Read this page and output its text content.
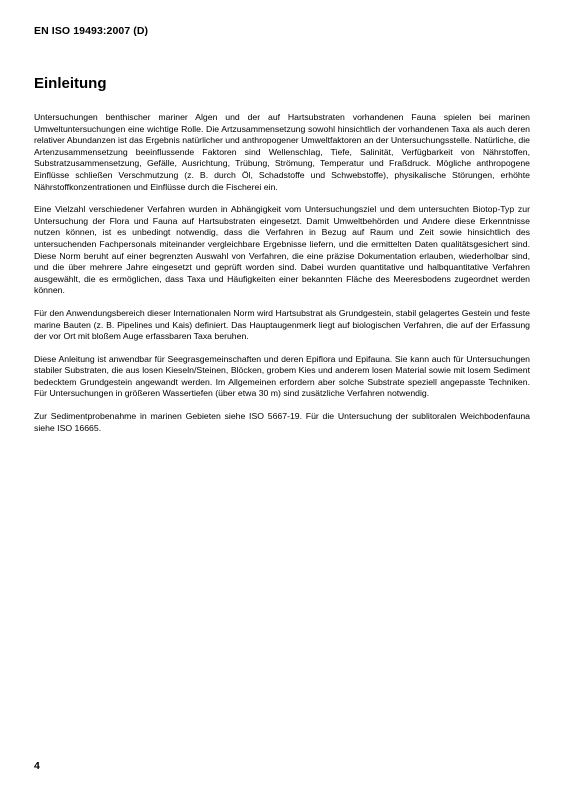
EN ISO 19493:2007 (D)
Einleitung

Untersuchungen benthischer mariner Algen und der auf Hartsubstraten vorhandenen Fauna spielen bei marinen Umweltuntersuchungen eine wichtige Rolle. Die Artzusammensetzung sowohl hinsichtlich der vorhandenen Taxa als auch deren relativer Abundanzen ist das Ergebnis natürlicher und anthropogener Umweltfaktoren an der Untersuchungsstelle. Natürliche, die Artenzusammensetzung beeinflussende Faktoren sind Wellenschlag, Tiefe, Salinität, Verfügbarkeit von Nährstoffen, Substratzusammensetzung, Gefälle, Ausrichtung, Trübung, Strömung, Temperatur und Fraßdruck. Mögliche anthropogene Einflüsse schließen Verschmutzung (z. B. durch Öl, Schadstoffe und Schwebstoffe), physikalische Störungen, erhöhte Nährstoffkonzentrationen und Einflüsse durch die Fischerei ein.

Eine Vielzahl verschiedener Verfahren wurden in Abhängigkeit vom Untersuchungsziel und dem untersuchten Biotop-Typ zur Untersuchung der Flora und Fauna auf Hartsubstraten eingesetzt. Damit Umweltbehörden und Andere diese Erkenntnisse nutzen können, ist es unbedingt notwendig, dass die Verfahren in Bezug auf Raum und Zeit sowie hinsichtlich des untersuchenden Fachpersonals miteinander vergleichbare Ergebnisse liefern, und die ermittelten Daten qualitätsgesichert sind. Diese Norm beruht auf einer begrenzten Auswahl von Verfahren, die eine präzise Dokumentation erlauben, wiederholbar sind, und die über mehrere Jahre eingesetzt und geprüft worden sind. Dabei wurden quantitative und halbquantitative Verfahren ausgewählt, die es ermöglichen, dass Taxa und Häufigkeiten einer bekannten Fläche des Meeresbodens zugeordnet werden können.

Für den Anwendungsbereich dieser Internationalen Norm wird Hartsubstrat als Grundgestein, stabil gelagertes Gestein und feste marine Bauten (z. B. Pipelines und Kais) definiert. Das Hauptaugenmerk liegt auf biologischen Verfahren, die auf der Erfassung der vor Ort mit bloßem Auge erfassbaren Taxa beruhen.

Diese Anleitung ist anwendbar für Seegrasgemeinschaften und deren Epiflora und Epifauna. Sie kann auch für Untersuchungen stabiler Substraten, die aus losen Kieseln/Steinen, Blöcken, grobem Kies und anderem losen Material sowie mit losem Sediment bedecktem Grundgestein angewandt werden. Im Allgemeinen erfordern aber solche Substrate speziell angepasste Techniken. Für Untersuchungen in größeren Wassertiefen (über etwa 30 m) sind zusätzliche Verfahren notwendig.

Zur Sedimentprobenahme in marinen Gebieten siehe ISO 5667-19. Für die Untersuchung der sublitoralen Weichbodenfauna siehe ISO 16665.

4
